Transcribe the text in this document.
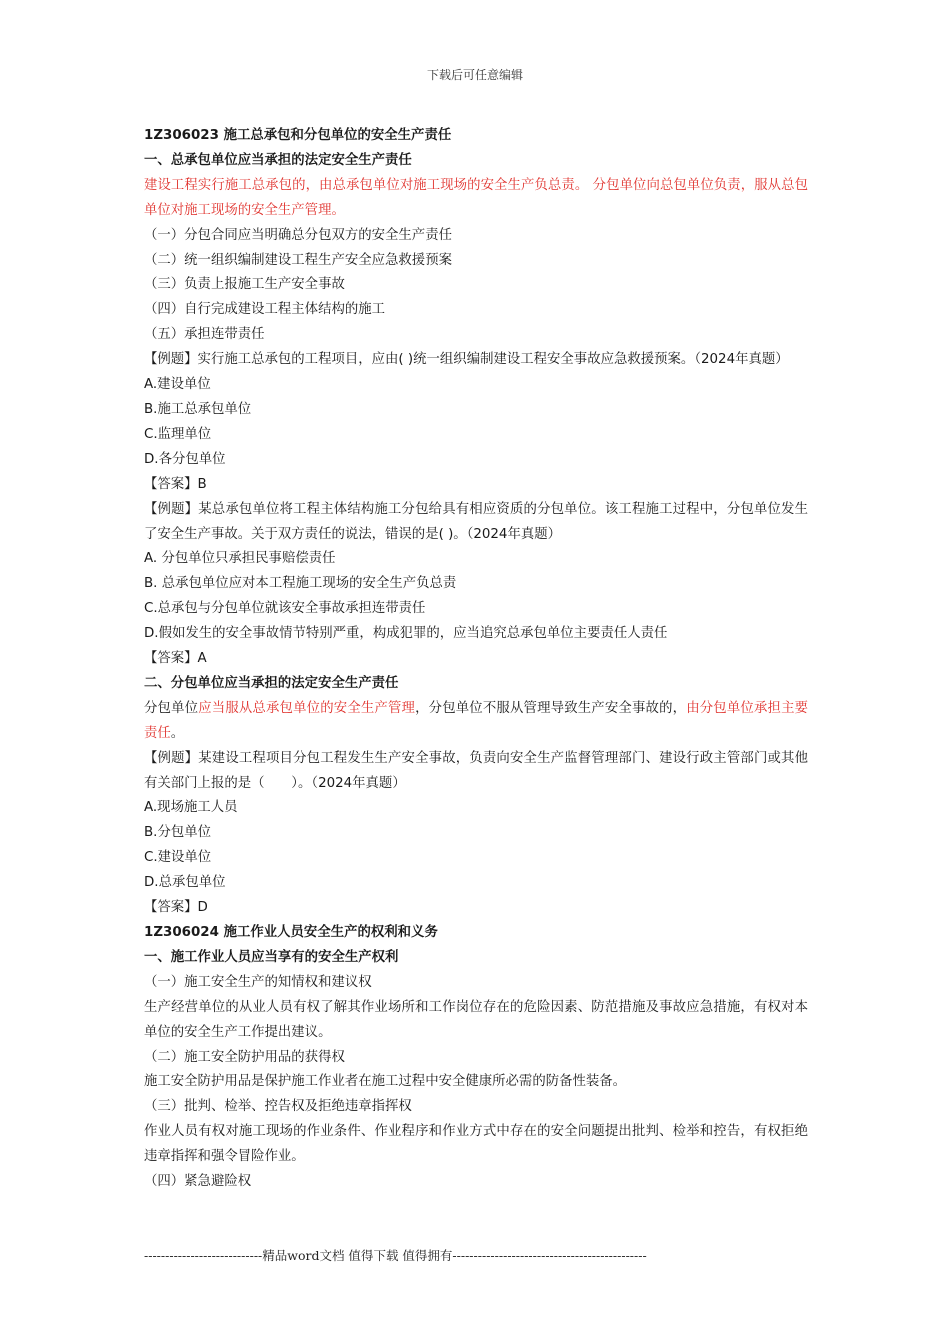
下载后可任意编辑
1Z306023 施工总承包和分包单位的安全生产责任
一、总承包单位应当承担的法定安全生产责任
建设工程实行施工总承包的，由总承包单位对施工现场的安全生产负总责。 分包单位向总包单位负责，服从总包单位对施工现场的安全生产管理。
（一）分包合同应当明确总分包双方的安全生产责任
（二）统一组织编制建设工程生产安全应急救援预案
（三）负责上报施工生产安全事故
（四）自行完成建设工程主体结构的施工
（五）承担连带责任
【例题】实行施工总承包的工程项目，应由( )统一组织编制建设工程安全事故应急救援预案。（2024年真题）
A.建设单位
B.施工总承包单位
C.监理单位
D.各分包单位
【答案】B
【例题】某总承包单位将工程主体结构施工分包给具有相应资质的分包单位。该工程施工过程中，分包单位发生了安全生产事故。关于双方责任的说法，错误的是( )。（2024年真题）
A. 分包单位只承担民事赔偿责任
B. 总承包单位应对本工程施工现场的安全生产负总责
C.总承包与分包单位就该安全事故承担连带责任
D.假如发生的安全事故情节特别严重，构成犯罪的，应当追究总承包单位主要责任人责任
【答案】A
二、分包单位应当承担的法定安全生产责任
分包单位应当服从总承包单位的安全生产管理，分包单位不服从管理导致生产安全事故的，由分包单位承担主要责任。
【例题】某建设工程项目分包工程发生生产安全事故，负责向安全生产监督管理部门、建设行政主管部门或其他有关部门上报的是（　　）。（2024年真题）
A.现场施工人员
B.分包单位
C.建设单位
D.总承包单位
【答案】D
1Z306024 施工作业人员安全生产的权利和义务
一、施工作业人员应当享有的安全生产权利
（一）施工安全生产的知情权和建议权
生产经营单位的从业人员有权了解其作业场所和工作岗位存在的危险因素、防范措施及事故应急措施，有权对本单位的安全生产工作提出建议。
（二）施工安全防护用品的获得权
施工安全防护用品是保护施工作业者在施工过程中安全健康所必需的防备性装备。
（三）批判、检举、控告权及拒绝违章指挥权
作业人员有权对施工现场的作业条件、作业程序和作业方式中存在的安全问题提出批判、检举和控告，有权拒绝违章指挥和强令冒险作业。
（四）紧急避险权
----------------------------精品word文档 值得下载 值得拥有----------------------------------------------
